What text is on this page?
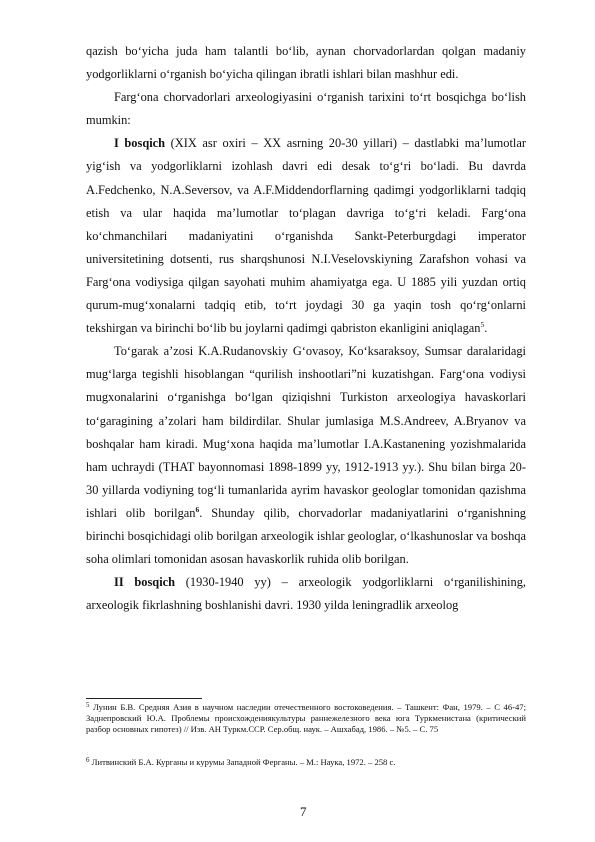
qazish bo‘yicha juda ham talantli bo‘lib, aynan chorvadorlardan qolgan madaniy yodgorliklarni o‘rganish bo‘yicha qilingan ibratli ishlari bilan mashhur edi.

Farg‘ona chorvadorlari arxeologiyasini o‘rganish tarixini to‘rt bosqichga bo‘lish mumkin:

I bosqich (XIX asr oxiri – XX asrning 20-30 yillari) – dastlabki ma’lumotlar yig‘ish va yodgorliklarni izohlash davri edi desak to‘g‘ri bo‘ladi. Bu davrda A.Fedchenko, N.A.Seversov, va A.F.Middendorflarning qadimgi yodgorliklarni tadqiq etish va ular haqida ma’lumotlar to‘plagan davriga to‘g‘ri keladi. Farg‘ona ko‘chmanchilari madaniyatini o‘rganishda Sankt-Peterburgdagi imperator universitetining dotsenti, rus sharqshunosi N.I.Veselovskiyning Zarafshon vohasi va Farg‘ona vodiysiga qilgan sayohati muhim ahamiyatga ega. U 1885 yili yuzdan ortiq qurum-mug‘xonalarni tadqiq etib, to‘rt joydagi 30 ga yaqin tosh qo‘rg‘onlarni tekshirgan va birinchi bo‘lib bu joylarni qadimgi qabriston ekanligini aniqlagan$^5$.

To‘garak a’zosi K.A.Rudanovskiy G‘ovasoy, Ko‘ksaraksoy, Sumsar daralaridagi mug‘larga tegishli hisoblangan “qurilish inshootlari”ni kuzatishgan. Farg‘ona vodiysi mugxonalarini o‘rganishga bo‘lgan qiziqishni Turkiston arxeologiya havaskorlari to‘garagining a’zolari ham bildirdilar. Shular jumlasiga M.S.Andreev, A.Bryanov va boshqalar ham kiradi. Mug‘xona haqida ma’lumotlar I.A.Kastanening yozishmalarida ham uchraydi (THAT bayonnomasi 1898-1899 yy, 1912-1913 yy.). Shu bilan birga 20-30 yillarda vodiyning tog‘li tumanlarida ayrim havaskor geologlar tomonidan qazishma ishlari olib borilgan$^6$. Shunday qilib, chorvadorlar madaniyatlarini o‘rganishning birinchi bosqichidagi olib borilgan arxeologik ishlar geologlar, o‘lkashunoslar va boshqa soha olimlari tomonidan asosan havaskorlik ruhida olib borilgan.

II bosqich (1930-1940 yy) – arxeologik yodgorliklarni o‘rganilishining, arxeologik fikrlashning boshlanishi davri. 1930 yilda leningradlik arxeolog

$^5$ Лунин Б.В. Средняя Азия в научном наследии отечественного востоковедения. – Ташкент: Фан, 1979. – С 46-47; Заднепровский Ю.А. Проблемы происхождениякультуры раннежелезного века юга Туркменистана (критический разбор основных гипотез) // Изв. АН Туркм.ССР. Сер.общ. наук. – Ашхабад, 1986. – №5. – С. 75

$^6$ Литвинский Б.А. Курганы и курумы Западной Ферганы. – М.: Наука, 1972. – 258 с.

7
